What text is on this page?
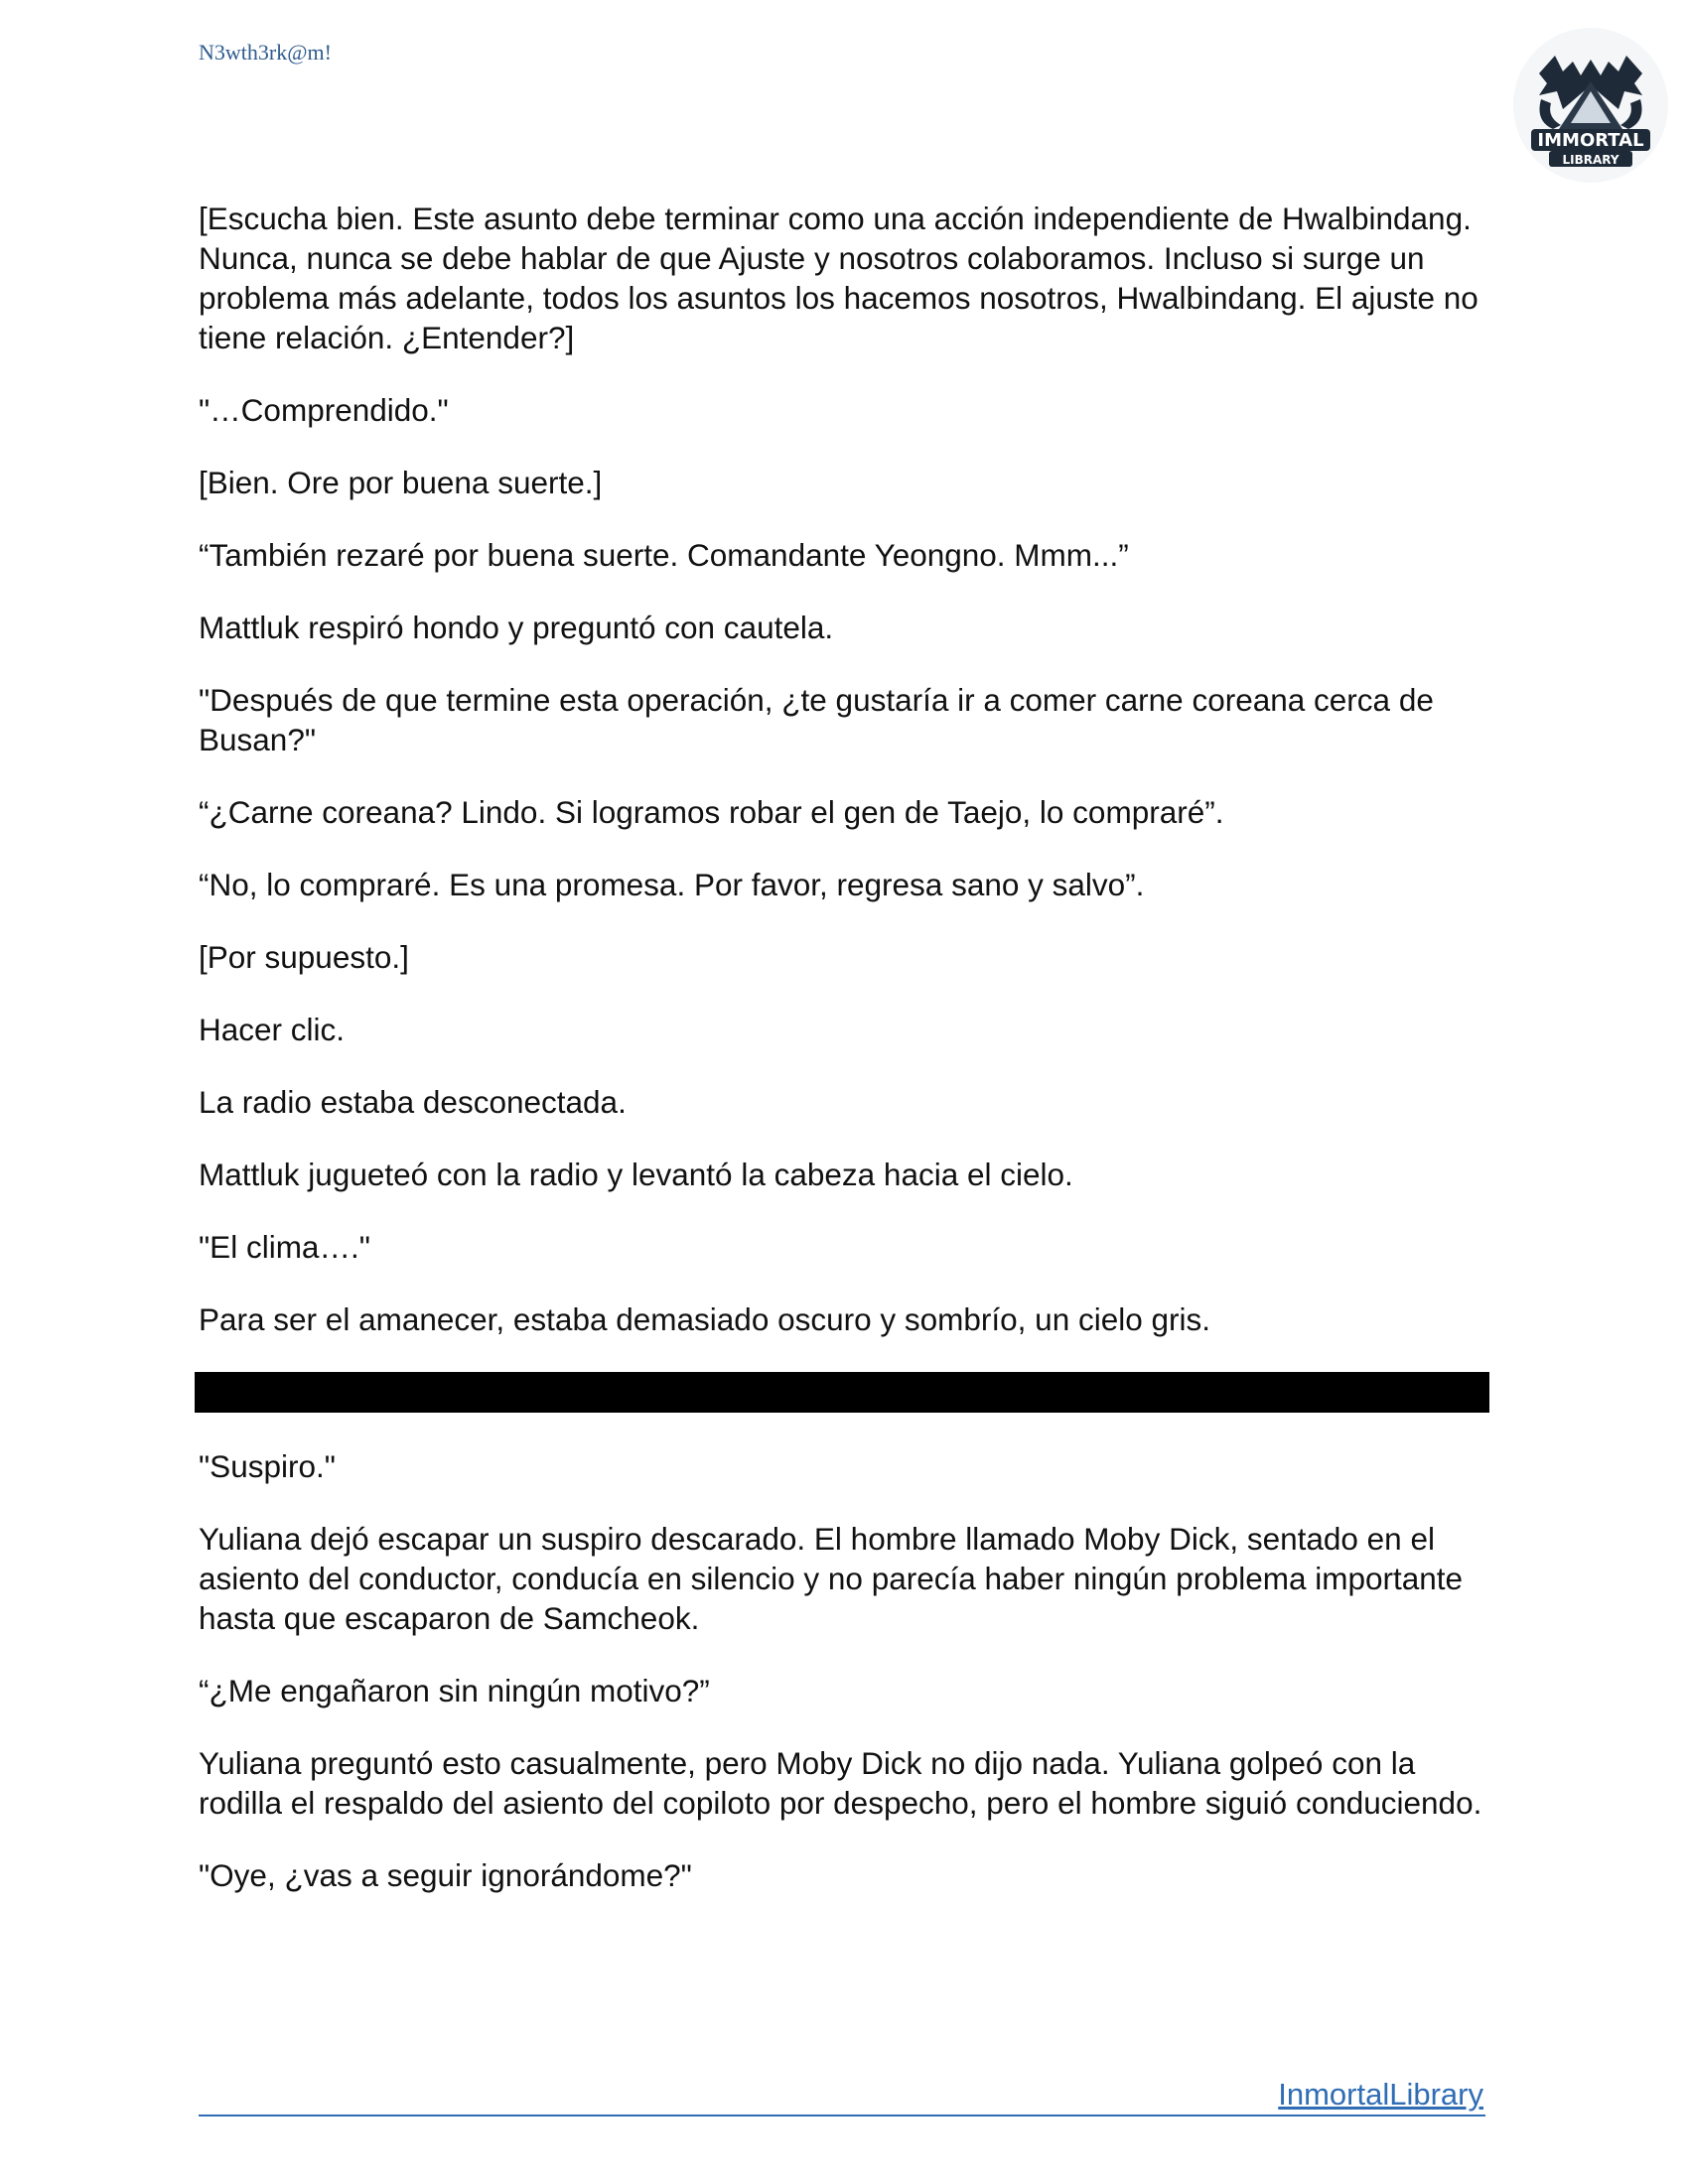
N3wth3rk@m!
IMMORTAL
LIBRARY

[Escucha bien. Este asunto debe terminar como una acción independiente de Hwalbindang. Nunca, nunca se debe hablar de que Ajuste y nosotros colaboramos. Incluso si surge un problema más adelante, todos los asuntos los hacemos nosotros, Hwalbindang. El ajuste no tiene relación. ¿Entender?]

"…Comprendido."

[Bien. Ore por buena suerte.]

“También rezaré por buena suerte. Comandante Yeongno. Mmm...”

Mattluk respiró hondo y preguntó con cautela.

"Después de que termine esta operación, ¿te gustaría ir a comer carne coreana cerca de Busan?"

“¿Carne coreana? Lindo. Si logramos robar el gen de Taejo, lo compraré”.

“No, lo compraré. Es una promesa. Por favor, regresa sano y salvo”.

[Por supuesto.]

Hacer clic.

La radio estaba desconectada.

Mattluk jugueteó con la radio y levantó la cabeza hacia el cielo.

"El clima…."

Para ser el amanecer, estaba demasiado oscuro y sombrío, un cielo gris.

"Suspiro."

Yuliana dejó escapar un suspiro descarado. El hombre llamado Moby Dick, sentado en el asiento del conductor, conducía en silencio y no parecía haber ningún problema importante hasta que escaparon de Samcheok.

“¿Me engañaron sin ningún motivo?”

Yuliana preguntó esto casualmente, pero Moby Dick no dijo nada. Yuliana golpeó con la rodilla el respaldo del asiento del copiloto por despecho, pero el hombre siguió conduciendo.

"Oye, ¿vas a seguir ignorándome?"

InmortalLibrary
